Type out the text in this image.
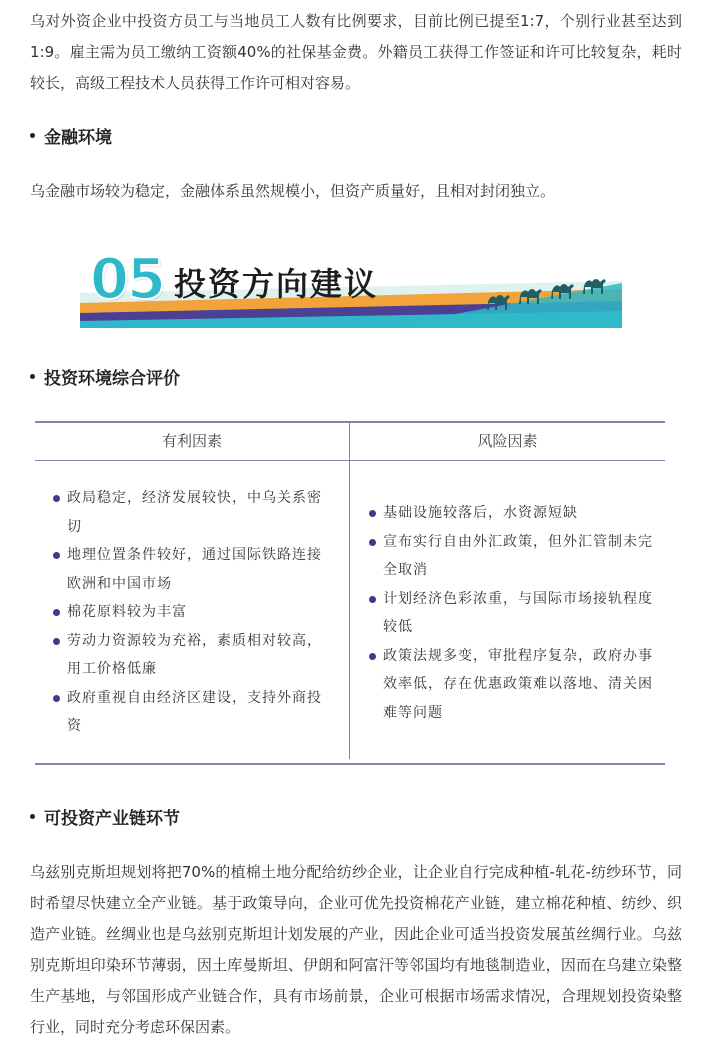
乌对外资企业中投资方员工与当地员工人数有比例要求，目前比例已提至1:7，个别行业甚至达到1:9。雇主需为员工缴纳工资额40%的社保基金费。外籍员工获得工作签证和许可比较复杂，耗时较长，高级工程技术人员获得工作许可相对容易。

金融环境

乌金融市场较为稳定，金融体系虽然规模小，但资产质量好，且相对封闭独立。

05 投资方向建议
投资环境综合评价
有利因素	风险因素
政局稳定，经济发展较快，中乌关系密切
地理位置条件较好，通过国际铁路连接欧洲和中国市场
棉花原料较为丰富
劳动力资源较为充裕，素质相对较高，用工价格低廉
政府重视自由经济区建设，支持外商投资
基础设施较落后，水资源短缺
宣布实行自由外汇政策，但外汇管制未完全取消
计划经济色彩浓重，与国际市场接轨程度较低
政策法规多变，审批程序复杂，政府办事效率低，存在优惠政策难以落地、清关困难等问题
可投资产业链环节

乌兹别克斯坦规划将把70%的植棉土地分配给纺纱企业，让企业自行完成种植-轧花-纺纱环节，同时希望尽快建立全产业链。基于政策导向，企业可优先投资棉花产业链，建立棉花种植、纺纱、织造产业链。丝绸业也是乌兹别克斯坦计划发展的产业，因此企业可适当投资发展茧丝绸行业。乌兹别克斯坦印染环节薄弱，因土库曼斯坦、伊朗和阿富汗等邻国均有地毯制造业，因而在乌建立染整生产基地，与邻国形成产业链合作，具有市场前景，企业可根据市场需求情况，合理规划投资染整行业，同时充分考虑环保因素。
